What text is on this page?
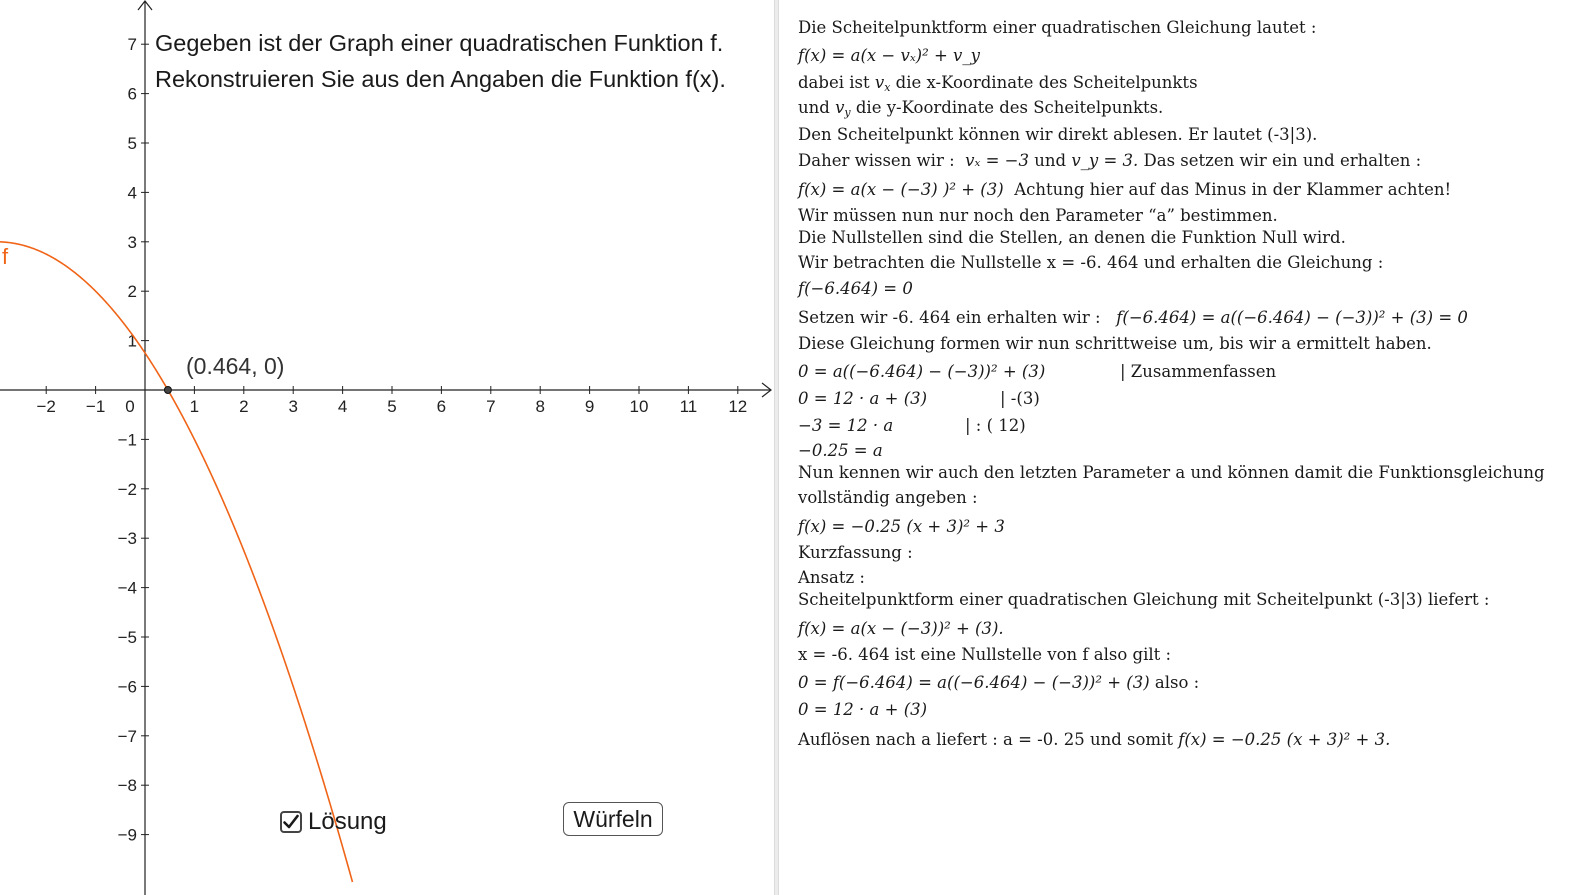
−2 −1 0	1 2 3 4 5 6 7 8 9 10 11 12
1
2
3
4
5
6
7
−1
−2
−3
−4
−5
−6
−7
−8
−9
Gegeben ist der Graph einer quadratischen Funktion f.
Rekonstruieren Sie aus den Angaben die Funktion f(x).
(0.464, 0)
f
Lösung	Würfeln
Die Scheitelpunktform einer quadratischen Gleichung lautet :
f(x) = a(x − vₓ)² + v_y
dabei ist $v_x$ die x-Koordinate des Scheitelpunkts
und $v_y$ die y-Koordinate des Scheitelpunkts.
Den Scheitelpunkt können wir direkt ablesen. Er lautet (-3|3).
Daher wissen wir : vₓ = −3 und v_y = 3. Das setzen wir ein und erhalten :
f(x) = a(x − (−3) )² + (3) Achtung hier auf das Minus in der Klammer achten!
Wir müssen nun nur noch den Parameter “a” bestimmen.
Die Nullstellen sind die Stellen, an denen die Funktion Null wird.
Wir betrachten die Nullstelle x = -6. 464 und erhalten die Gleichung :
f(−6.464) = 0
Setzen wir -6. 464 ein erhalten wir : f(−6.464) = a((−6.464) − (−3))² + (3) = 0
Diese Gleichung formen wir nun schrittweise um, bis wir a ermittelt haben.
0 = a((−6.464) − (−3))² + (3)	| Zusammenfassen
0 = 12 · a + (3)	| -(3)
−3 = 12 · a	| : ( 12)
−0.25 = a
Nun kennen wir auch den letzten Parameter a und können damit die Funktionsgleichung
vollständig angeben :
f(x) = −0.25 (x + 3)² + 3
Kurzfassung :
Ansatz :
Scheitelpunktform einer quadratischen Gleichung mit Scheitelpunkt (-3|3) liefert :
f(x) = a(x − (−3))² + (3).
x = -6. 464 ist eine Nullstelle von f also gilt :
0 = f(−6.464) = a((−6.464) − (−3))² + (3) also :
0 = 12 · a + (3)
Auflösen nach a liefert : a = -0. 25 und somit f(x) = −0.25 (x + 3)² + 3.
